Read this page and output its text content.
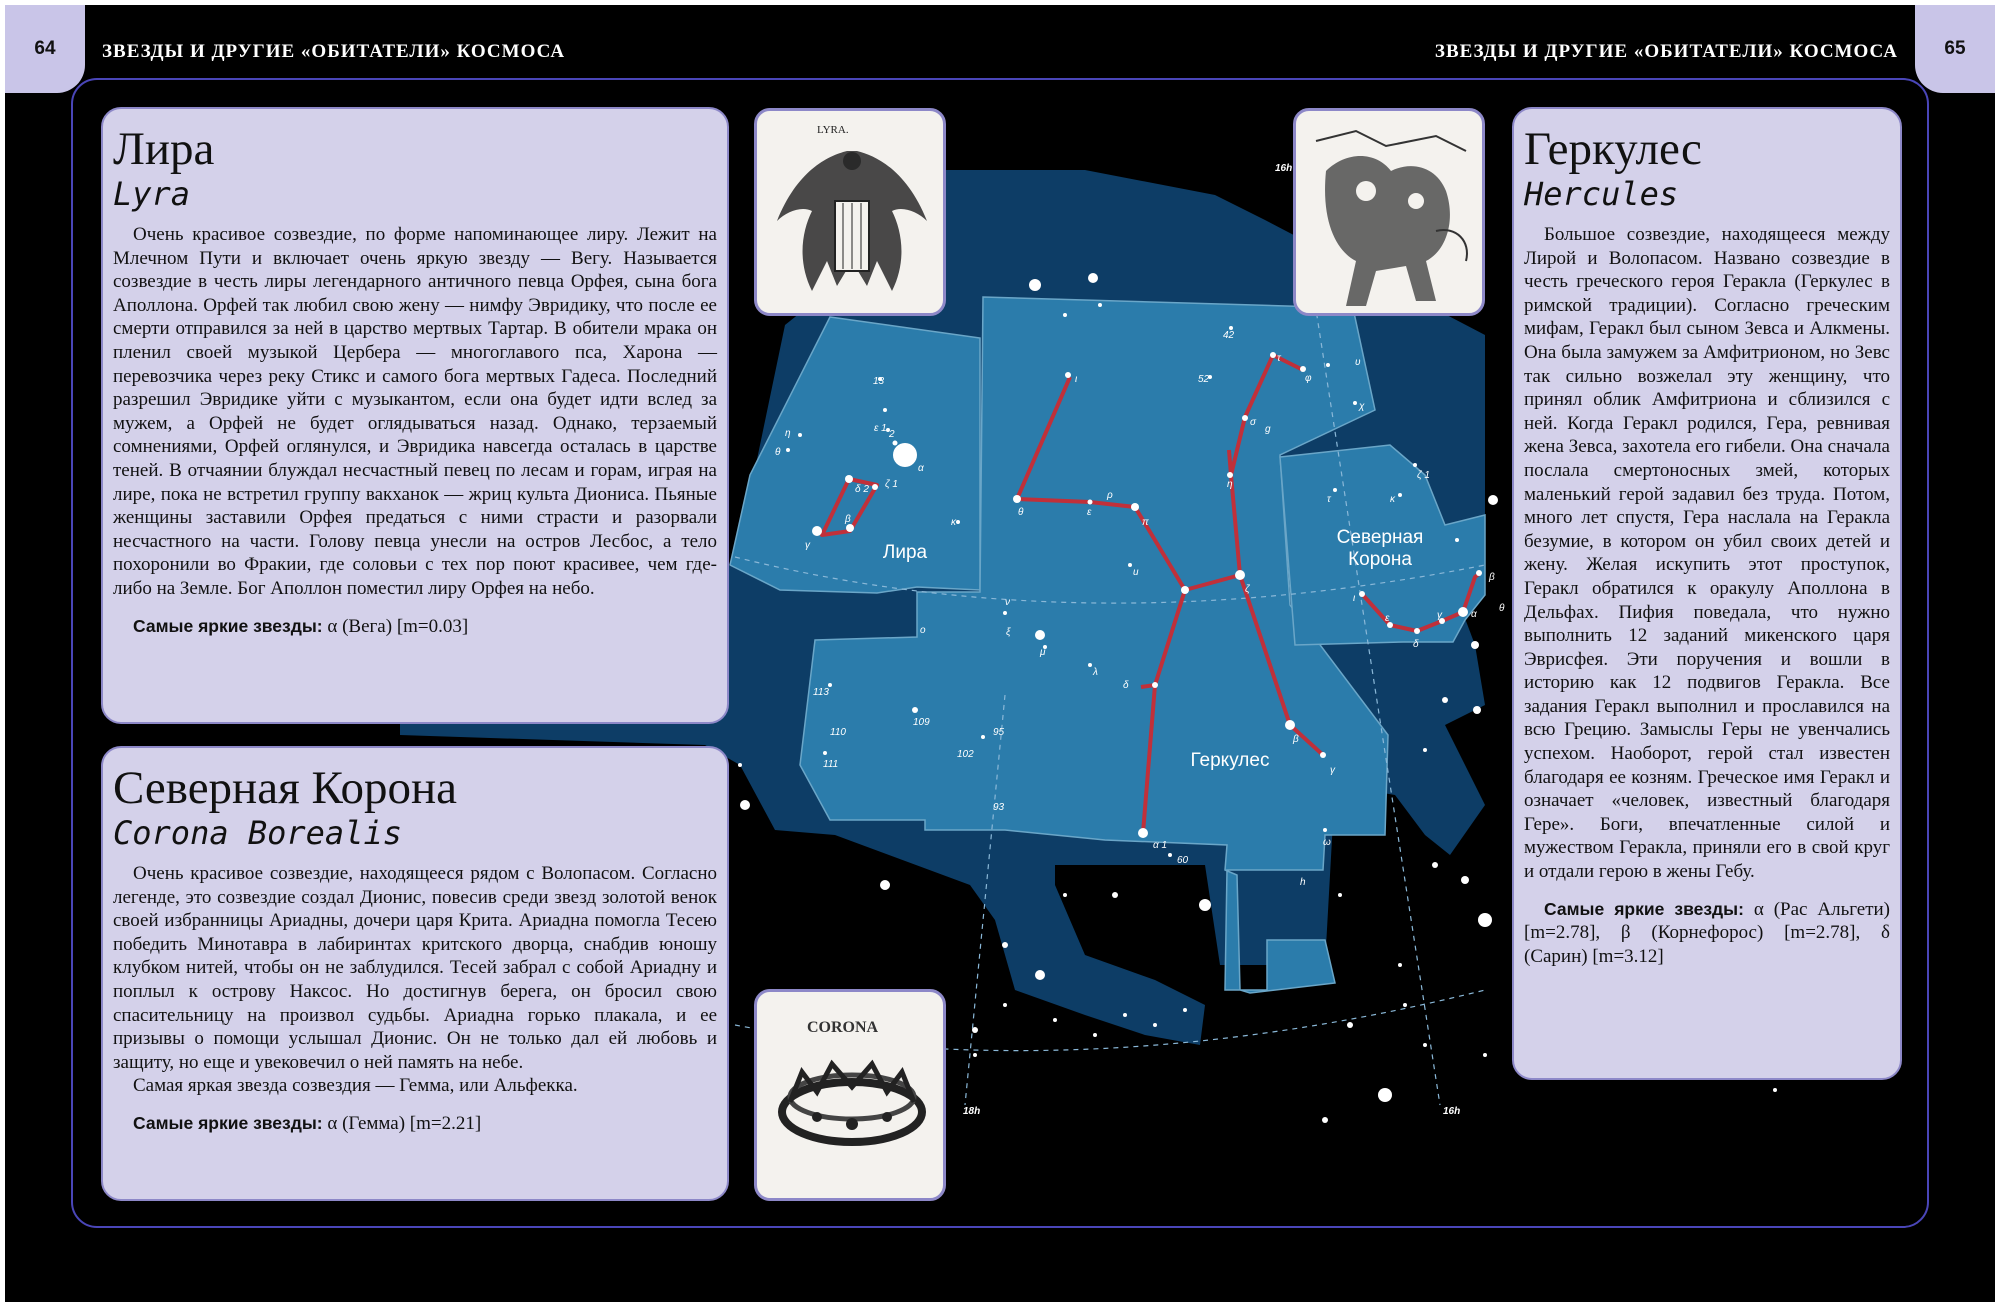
13
η
θ
ε 1
2
ζ 1
α
δ 2
γ
β	κ
42
52
ι
τ
φ
υ
χ
σ
g
η
θ
ρ
π
ε
u
ζ
ν
ξ
ο
μ
λ
δ
113
110
111
109
102
95
93
β
γ
α 1
60
ω
h
τ	κ
ζ 1
ι
ε
δ
γ	α
β
θ
16h
18h	16h
Лира
Северная
Корона
Геркулес
64	ЗВЕЗДЫ И ДРУГИЕ «ОБИТАТЕЛИ» КОСМОСА	ЗВЕЗДЫ И ДРУГИЕ «ОБИТАТЕЛИ» КОСМОСА	65
Лира
Lyra

Очень красивое созвездие, по форме напоминающее лиру. Лежит на Млечном Пути и включает очень яркую звезду — Вегу. Называется созвездие в честь лиры легендарного античного певца Орфея, сына бога Аполлона. Орфей так любил свою жену — нимфу Эвридику, что после ее смерти отправился за ней в царство мертвых Тартар. В обители мрака он пленил своей музыкой Цербера — многоглавого пса, Харона — перевозчика через реку Стикс и самого бога мертвых Гадеса. Последний разрешил Эвридике уйти с музыкантом, если она будет идти вслед за мужем, а Орфей не будет оглядываться назад. Однако, терзаемый сомнениями, Орфей оглянулся, и Эвридика навсегда осталась в царстве теней. В отчаянии блуждал несчастный певец по лесам и горам, играя на лире, пока не встретил группу вакханок — жриц культа Диониса. Пьяные женщины заставили Орфея предаться с ними страсти и разорвали несчастного на части. Голову певца унесли на остров Лесбос, а тело похоронили во Фракии, где соловьи с тех пор поют красивее, чем где-либо на Земле. Бог Аполлон поместил лиру Орфея на небо.

Самые яркие звезды: α (Вега) [m=0.03]
Северная Корона
Corona Borealis

Очень красивое созвездие, находящееся рядом с Волопасом. Согласно легенде, это созвездие создал Дионис, повесив среди звезд золотой венок своей избранницы Ариадны, дочери царя Крита. Ариадна помогла Тесею победить Минотавра в лабиринтах критского дворца, снабдив юношу клубком нитей, чтобы он не заблудился. Тесей забрал с собой Ариадну и поплыл к острову Наксос. Но достигнув берега, он бросил свою спасительницу на произвол судьбы. Ариадна горько плакала, и ее призывы о помощи услышал Дионис. Он не только дал ей любовь и защиту, но еще и увековечил о ней память на небе.

Самая яркая звезда созвездия — Гемма, или Альфекка.

Самые яркие звезды: α (Гемма) [m=2.21]
Геркулес
Hercules

Большое созвездие, находящееся между Лирой и Волопасом. Названо созвездие в честь греческого героя Геракла (Геркулес в римской традиции). Согласно греческим мифам, Геракл был сыном Зевса и Алкмены. Она была замужем за Амфитрионом, но Зевс так сильно возжелал эту женщину, что принял облик Амфитриона и сблизился с ней. Когда Геракл родился, Гера, ревнивая жена Зевса, захотела его гибели. Она сначала послала смертоносных змей, которых маленький герой задавил без труда. Потом, много лет спустя, Гера наслала на Геракла безумие, в котором он убил своих детей и жену. Желая искупить этот проступок, Геракл обратился к оракулу Аполлона в Дельфах. Пифия поведала, что нужно выполнить 12 заданий микенского царя Эврисфея. Эти поручения и вошли в историю как 12 подвигов Геракла. Все задания Геракл выполнил и прославился на всю Грецию. Замыслы Геры не увенчались успехом. Наоборот, герой стал известен благодаря ее козням. Греческое имя Геракл и означает «человек, известный благодаря Гере». Боги, впечатленные силой и мужеством Геракла, приняли его в свой круг и отдали герою в жены Гебу.

Самые яркие звезды: α (Рас Альгети) [m=2.78], β (Корнефорос) [m=2.78], δ (Сарин) [m=3.12]
LYRA.
CORONA
